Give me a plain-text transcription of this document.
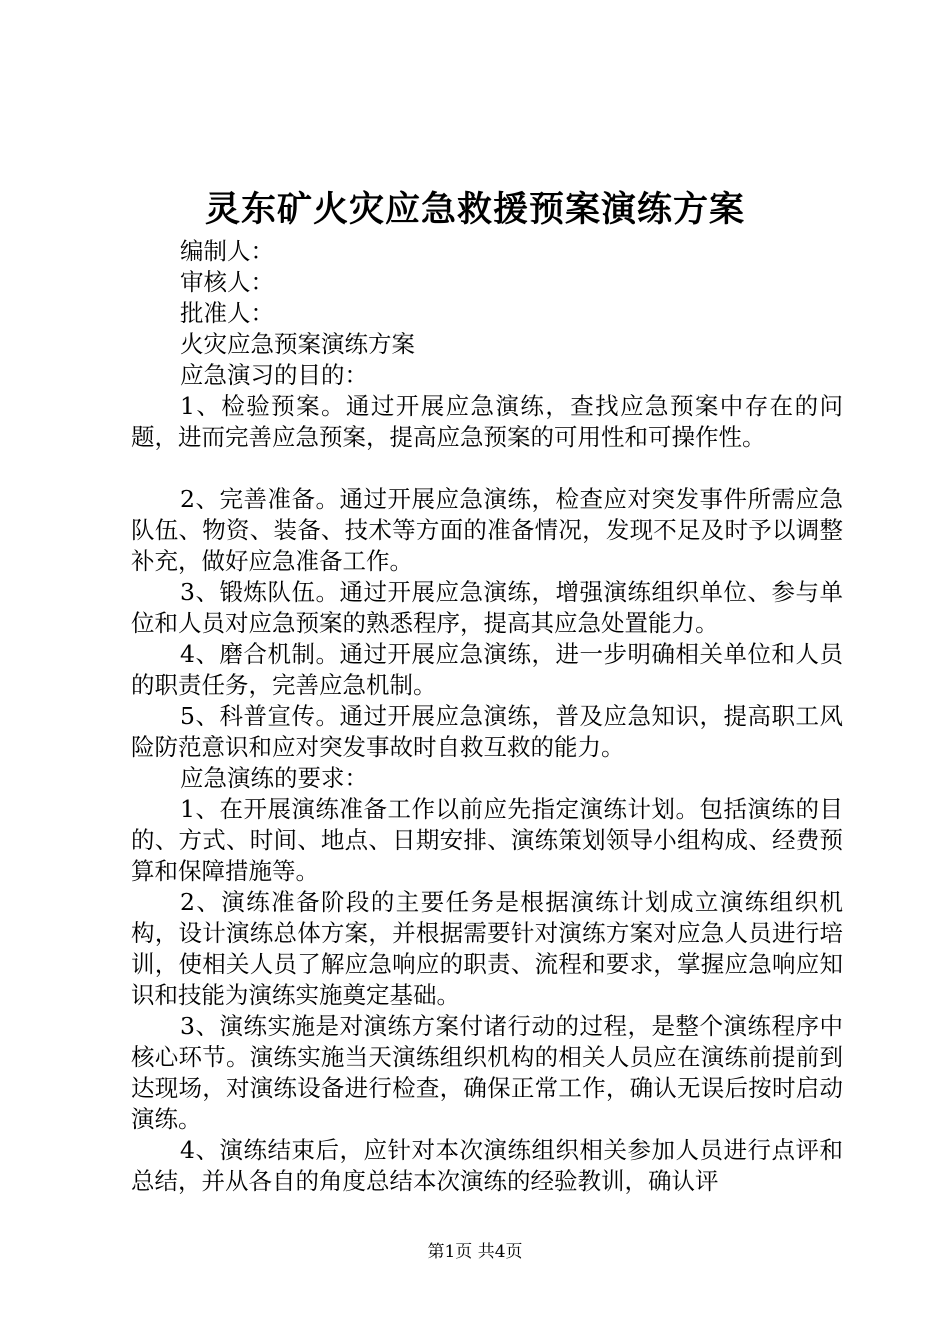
灵东矿火灾应急救援预案演练方案

编制人：

审核人：

批准人：

火灾应急预案演练方案

应急演习的目的：

1、检验预案。通过开展应急演练，查找应急预案中存在的问题，进而完善应急预案，提高应急预案的可用性和可操作性。

2、完善准备。通过开展应急演练，检查应对突发事件所需应急队伍、物资、装备、技术等方面的准备情况，发现不足及时予以调整补充，做好应急准备工作。

3、锻炼队伍。通过开展应急演练，增强演练组织单位、参与单位和人员对应急预案的熟悉程序，提高其应急处置能力。

4、磨合机制。通过开展应急演练，进一步明确相关单位和人员的职责任务，完善应急机制。

5、科普宣传。通过开展应急演练，普及应急知识，提高职工风险防范意识和应对突发事故时自救互救的能力。

应急演练的要求：

1、在开展演练准备工作以前应先指定演练计划。包括演练的目的、方式、时间、地点、日期安排、演练策划领导小组构成、经费预算和保障措施等。

2、演练准备阶段的主要任务是根据演练计划成立演练组织机构，设计演练总体方案，并根据需要针对演练方案对应急人员进行培训，使相关人员了解应急响应的职责、流程和要求，掌握应急响应知识和技能为演练实施奠定基础。

3、演练实施是对演练方案付诸行动的过程，是整个演练程序中核心环节。演练实施当天演练组织机构的相关人员应在演练前提前到达现场，对演练设备进行检查，确保正常工作，确认无误后按时启动演练。

4、演练结束后，应针对本次演练组织相关参加人员进行点评和总结，并从各自的角度总结本次演练的经验教训，确认评

第1页 共4页
